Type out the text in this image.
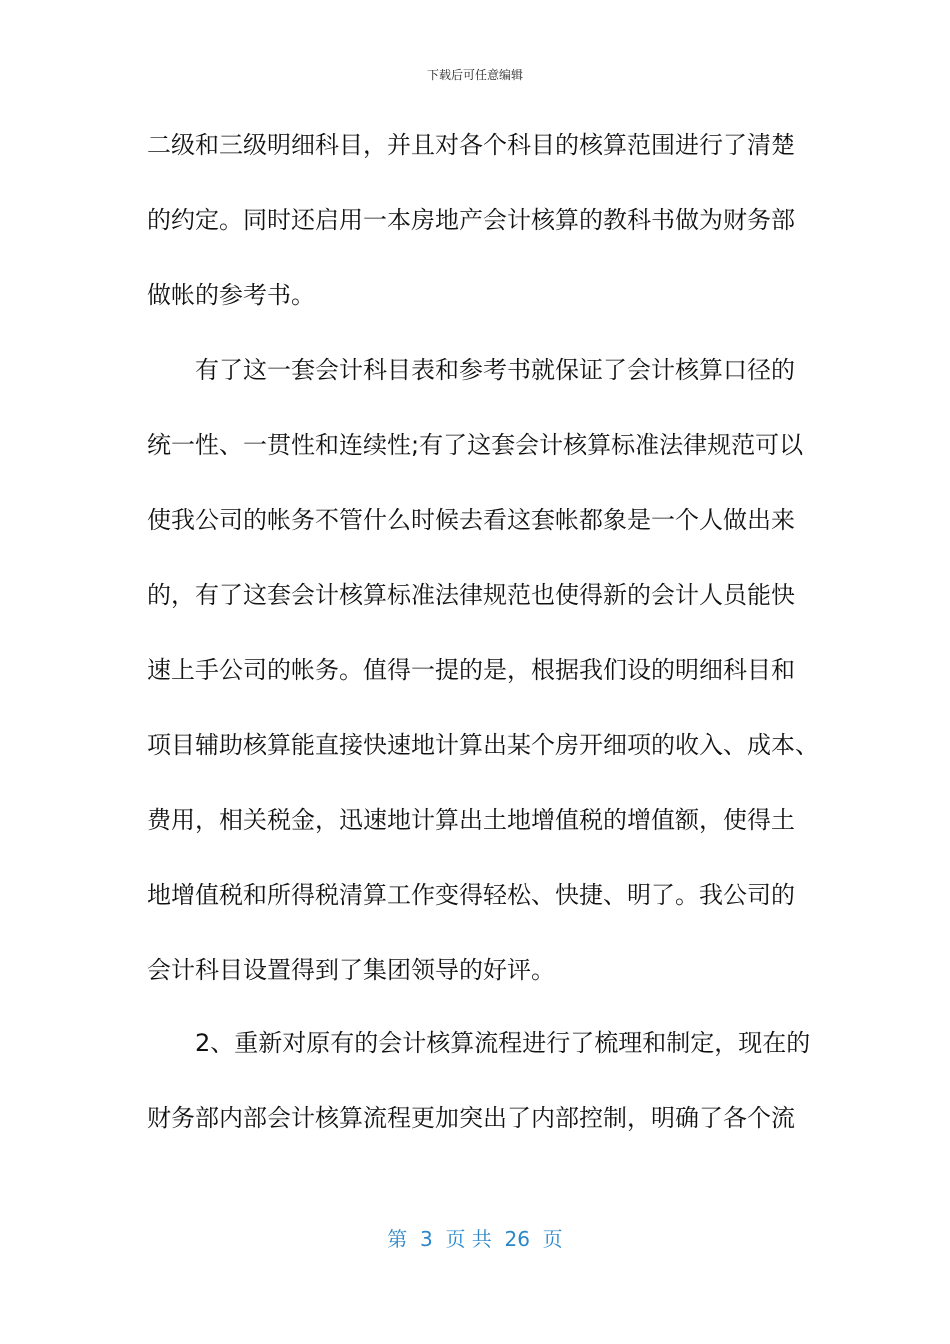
下载后可任意编辑
二级和三级明细科目，并且对各个科目的核算范围进行了清楚
的约定。同时还启用一本房地产会计核算的教科书做为财务部
做帐的参考书。
　　有了这一套会计科目表和参考书就保证了会计核算口径的
统一性、一贯性和连续性;有了这套会计核算标准法律规范可以
使我公司的帐务不管什么时候去看这套帐都象是一个人做出来
的，有了这套会计核算标准法律规范也使得新的会计人员能快
速上手公司的帐务。值得一提的是，根据我们设的明细科目和
项目辅助核算能直接快速地计算出某个房开细项的收入、成本、
费用，相关税金，迅速地计算出土地增值税的增值额，使得土
地增值税和所得税清算工作变得轻松、快捷、明了。我公司的
会计科目设置得到了集团领导的好评。
　　2、重新对原有的会计核算流程进行了梳理和制定，现在的
财务部内部会计核算流程更加突出了内部控制，明确了各个流
第  3  页 共  26  页
